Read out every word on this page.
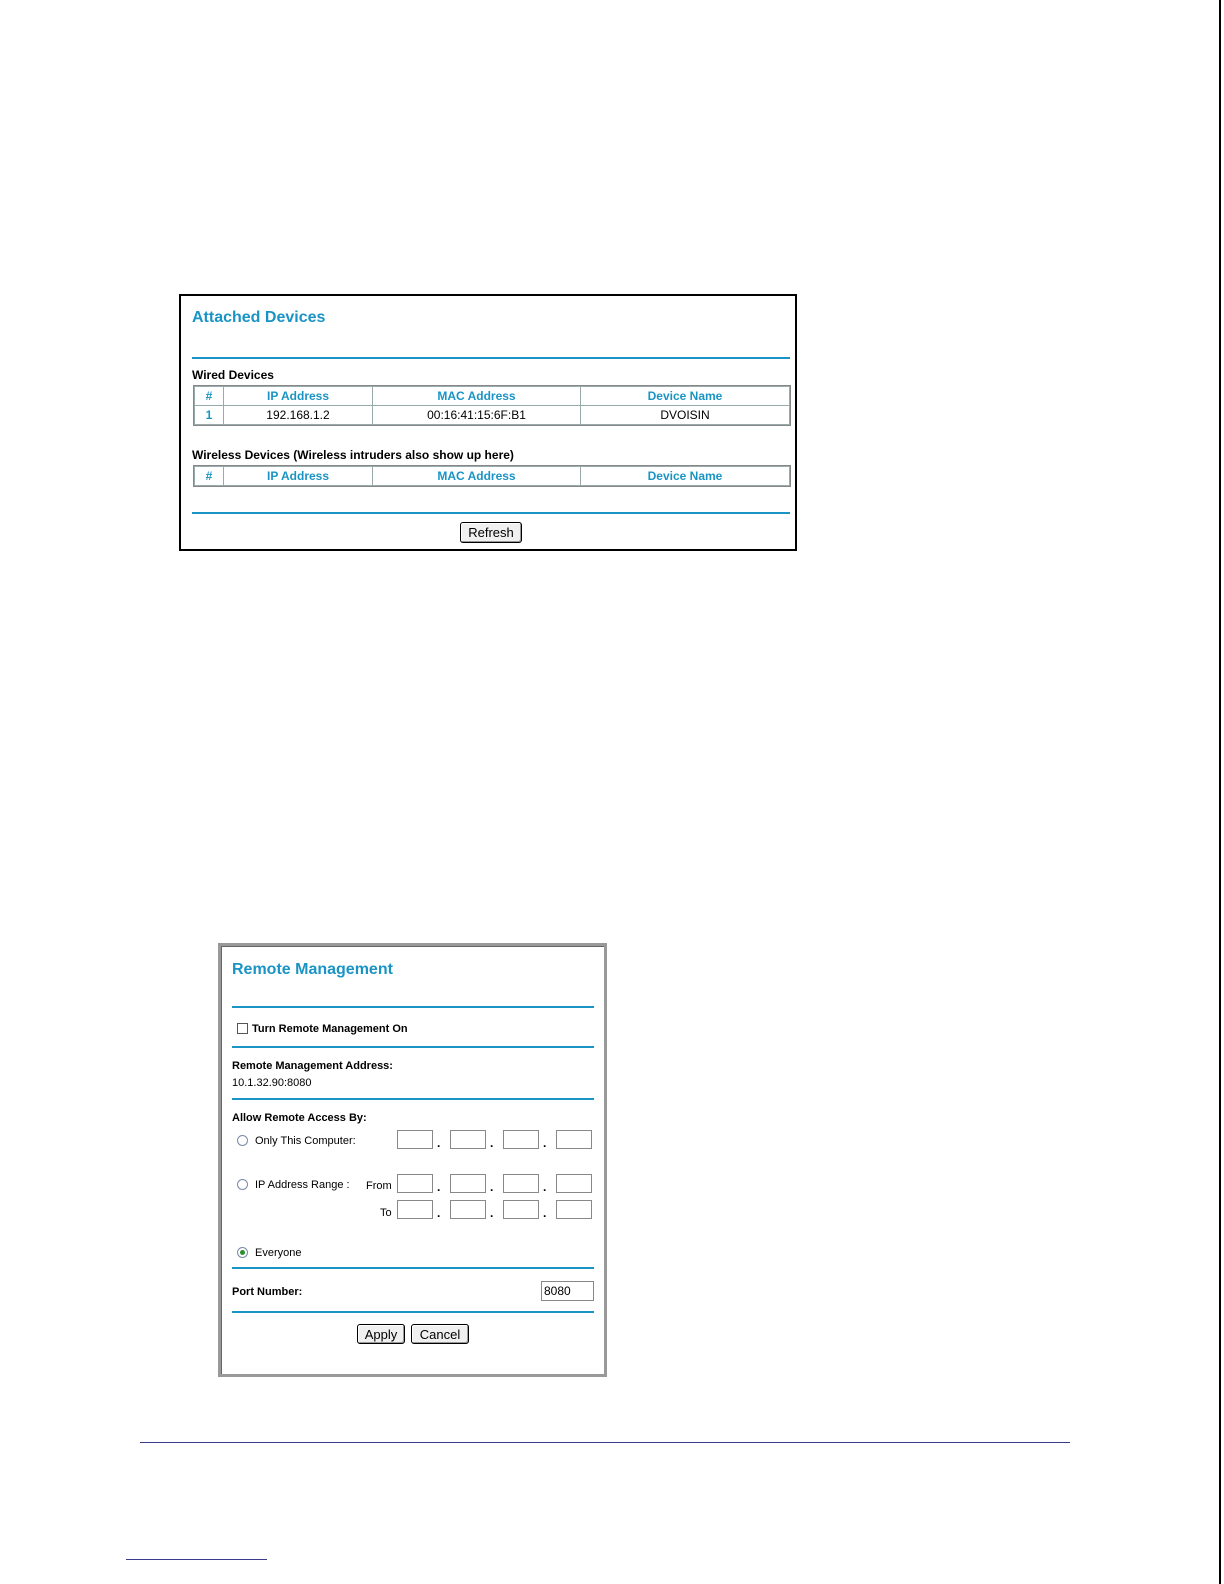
Attached Devices
Wired Devices
#	IP Address	MAC Address	Device Name
1	192.168.1.2	00:16:41:15:6F:B1	DVOISIN
Wireless Devices (Wireless intruders also show up here)
#	IP Address	MAC Address	Device Name
Refresh
Remote Management
Turn Remote Management On
Remote Management Address:
10.1.32.90:8080
Allow Remote Access By:
Only This Computer:	.	.	.
IP Address Range : From	.	.	.
To	.	.	.
Everyone
Port Number:
8080
Apply	Cancel
